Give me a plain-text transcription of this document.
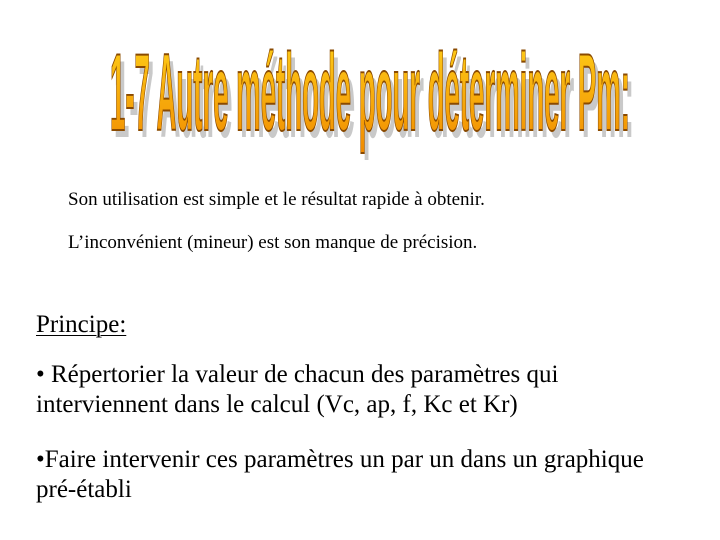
1-7 Autre méthode pour déterminer Pm:
1-7 Autre méthode pour déterminer Pm:
Son utilisation est simple et le résultat rapide à obtenir.
L’inconvénient (mineur) est son manque de précision.
Principe:
• Répertorier la valeur de chacun des paramètres qui interviennent dans le calcul (Vc, ap, f, Kc et Kr)
•Faire intervenir ces paramètres un par un dans un graphique pré-établi
